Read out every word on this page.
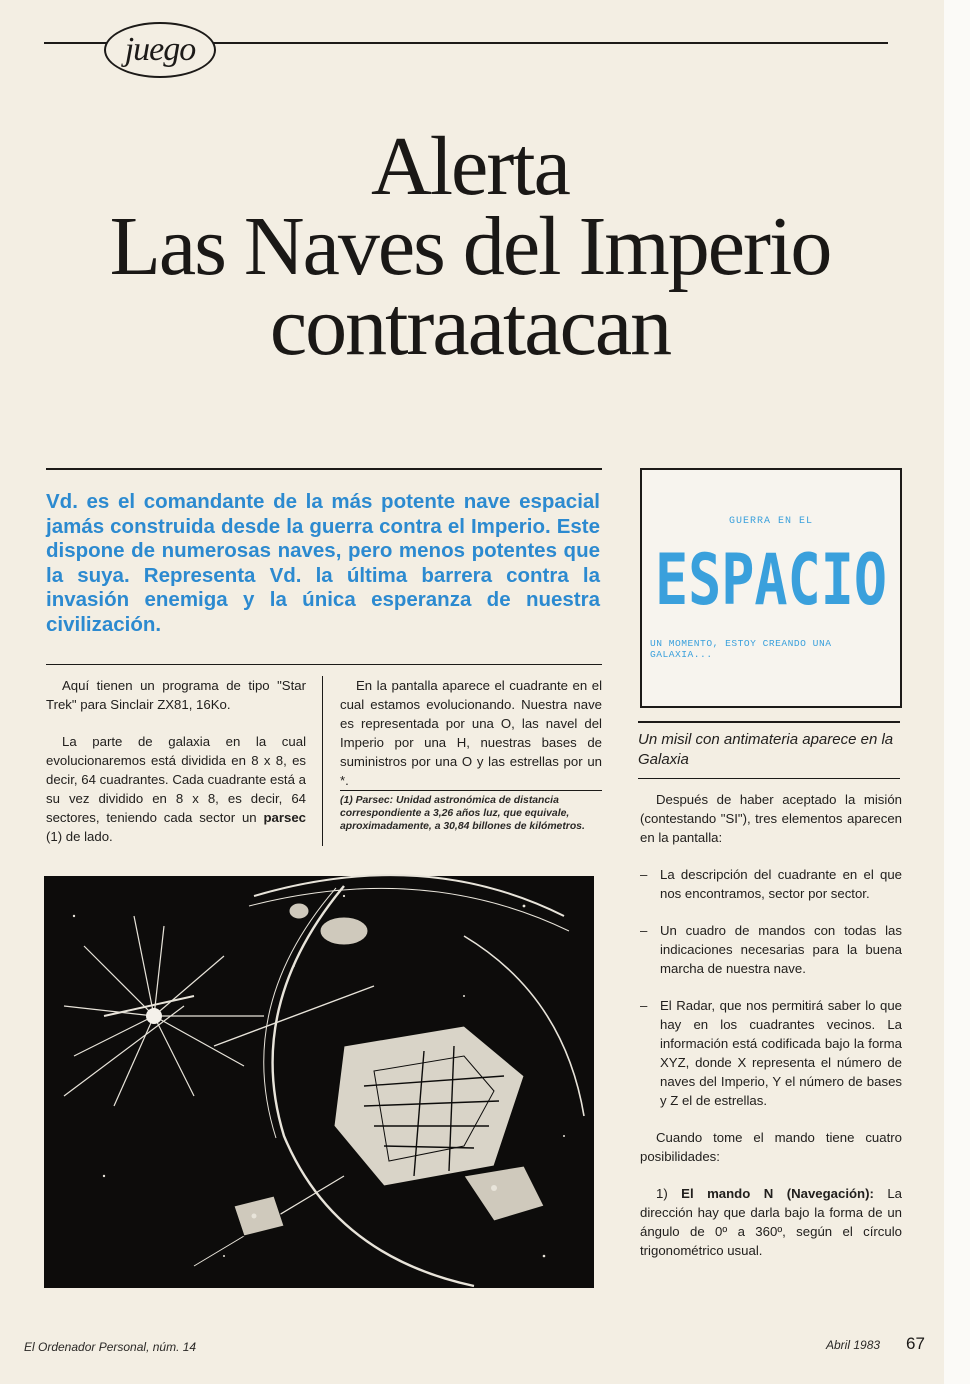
juego
Alerta
Las Naves del Imperio
contraatacan
Vd. es el comandante de la más potente nave espacial jamás construida desde la guerra contra el Imperio. Este dispone de numerosas naves, pero menos potentes que la suya. Representa Vd. la última barrera contra la invasión enemiga y la única esperanza de nuestra civilización.

Aquí tienen un programa de tipo "Star Trek" para Sinclair ZX81, 16Ko.

La parte de galaxia en la cual evolucionaremos está dividida en 8 x 8, es decir, 64 cuadrantes. Cada cuadrante está a su vez dividido en 8 x 8, es decir, 64 sectores, teniendo cada sector un parsec (1) de lado.

En la pantalla aparece el cuadrante en el cual estamos evolucionando. Nuestra nave es representada por una O, las navel del Imperio por una H, nuestras bases de suministros por una O y las estrellas por un *.

(1) Parsec: Unidad astronómica de distancia correspondiente a 3,26 años luz, que equivale, aproximadamente, a 30,84 billones de kilómetros.
GUERRA EN EL
ESPACIO
UN MOMENTO, ESTOY CREANDO UNA GALAXIA...
Un misil con antimateria aparece en la Galaxia

Después de haber aceptado la misión (contestando "SI"), tres elementos aparecen en la pantalla:

– La descripción del cuadrante en el que nos encontramos, sector por sector.
– Un cuadro de mandos con todas las indicaciones necesarias para la buena marcha de nuestra nave.
– El Radar, que nos permitirá saber lo que hay en los cuadrantes vecinos. La información está codificada bajo la forma XYZ, donde X representa el número de naves del Imperio, Y el número de bases y Z el de estrellas.

Cuando tome el mando tiene cuatro posibilidades:

1) El mando N (Navegación): La dirección hay que darla bajo la forma de un ángulo de 0º a 360º, según el círculo trigonométrico usual.

El Ordenador Personal, núm. 14	Abril 1983 67
